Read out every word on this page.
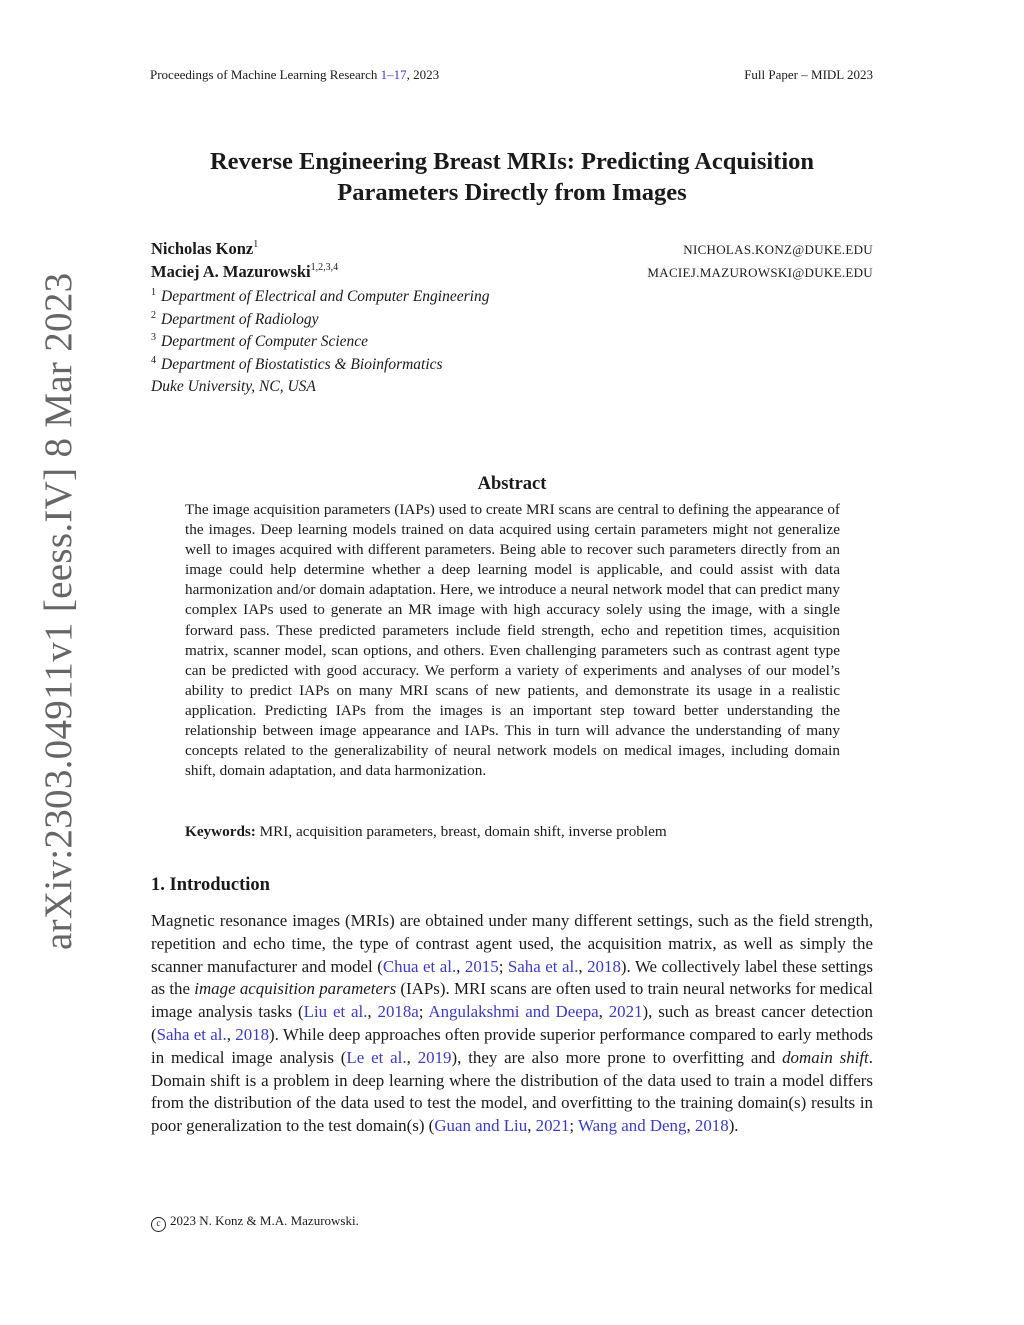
Proceedings of Machine Learning Research 1–17, 2023	Full Paper – MIDL 2023
arXiv:2303.04911v1 [eess.IV] 8 Mar 2023
Reverse Engineering Breast MRIs: Predicting Acquisition
Parameters Directly from Images
Nicholas Konz$^1$	NICHOLAS.KONZ@DUKE.EDU
Maciej A. Mazurowski$^{1,2,3,4}$	MACIEJ.MAZUROWSKI@DUKE.EDU
$^1$ Department of Electrical and Computer Engineering
$^2$ Department of Radiology
$^3$ Department of Computer Science
$^4$ Department of Biostatistics & Bioinformatics
Duke University, NC, USA
Abstract
The image acquisition parameters (IAPs) used to create MRI scans are central to defining the appearance of the images. Deep learning models trained on data acquired using certain parameters might not generalize well to images acquired with different parameters. Being able to recover such parameters directly from an image could help determine whether a deep learning model is applicable, and could assist with data harmonization and/or domain adaptation. Here, we introduce a neural network model that can predict many complex IAPs used to generate an MR image with high accuracy solely using the image, with a single forward pass. These predicted parameters include field strength, echo and repetition times, acquisition matrix, scanner model, scan options, and others. Even challenging parameters such as contrast agent type can be predicted with good accuracy. We perform a variety of experiments and analyses of our model’s ability to predict IAPs on many MRI scans of new patients, and demonstrate its usage in a realistic application. Predicting IAPs from the images is an important step toward better understanding the relationship between image appearance and IAPs. This in turn will advance the understanding of many concepts related to the generalizability of neural network models on medical images, including domain shift, domain adaptation, and data harmonization.
Keywords: MRI, acquisition parameters, breast, domain shift, inverse problem
1. Introduction
Magnetic resonance images (MRIs) are obtained under many different settings, such as the field strength, repetition and echo time, the type of contrast agent used, the acquisition matrix, as well as simply the scanner manufacturer and model (Chua et al., 2015; Saha et al., 2018). We collectively label these settings as the image acquisition parameters (IAPs). MRI scans are often used to train neural networks for medical image analysis tasks (Liu et al., 2018a; Angulakshmi and Deepa, 2021), such as breast cancer detection (Saha et al., 2018). While deep approaches often provide superior performance compared to early methods in medical image analysis (Le et al., 2019), they are also more prone to overfitting and domain shift. Domain shift is a problem in deep learning where the distribution of the data used to train a model differs from the distribution of the data used to test the model, and overfitting to the training domain(s) results in poor generalization to the test domain(s) (Guan and Liu, 2021; Wang and Deng, 2018).
c 2023 N. Konz & M.A. Mazurowski.
